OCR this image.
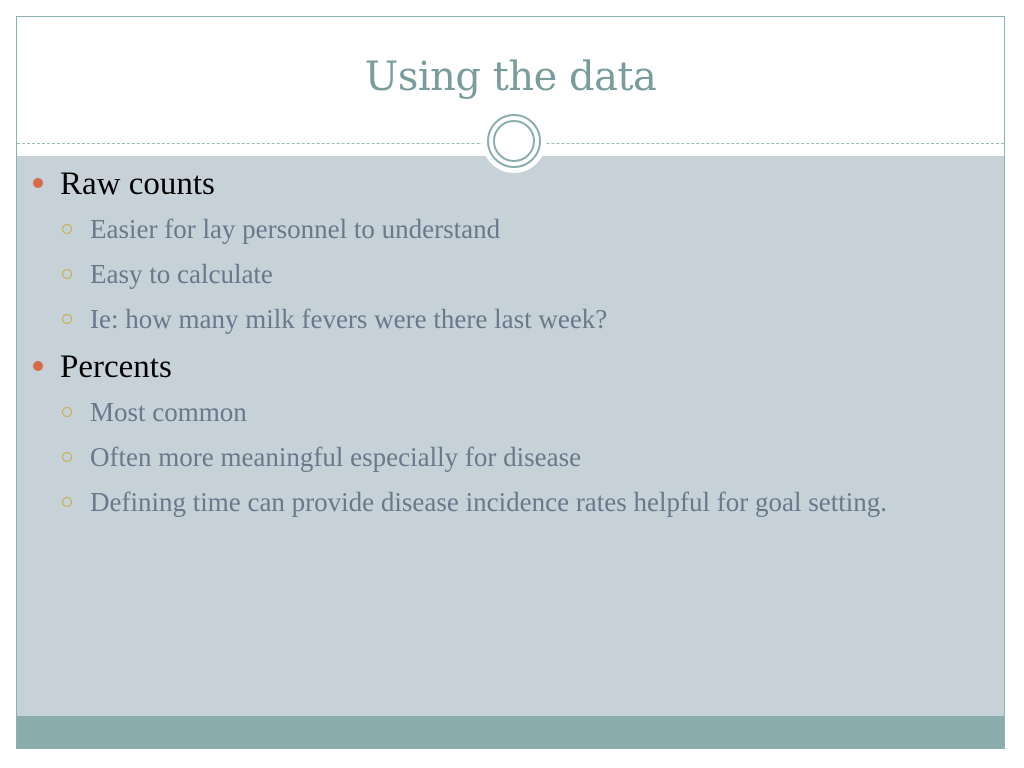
Using the data
Raw counts
Easier for lay personnel to understand
Easy to calculate
Ie: how many milk fevers were there last week?
Percents
Most common
Often more meaningful especially for disease
Defining time can provide disease incidence rates helpful for goal setting.
